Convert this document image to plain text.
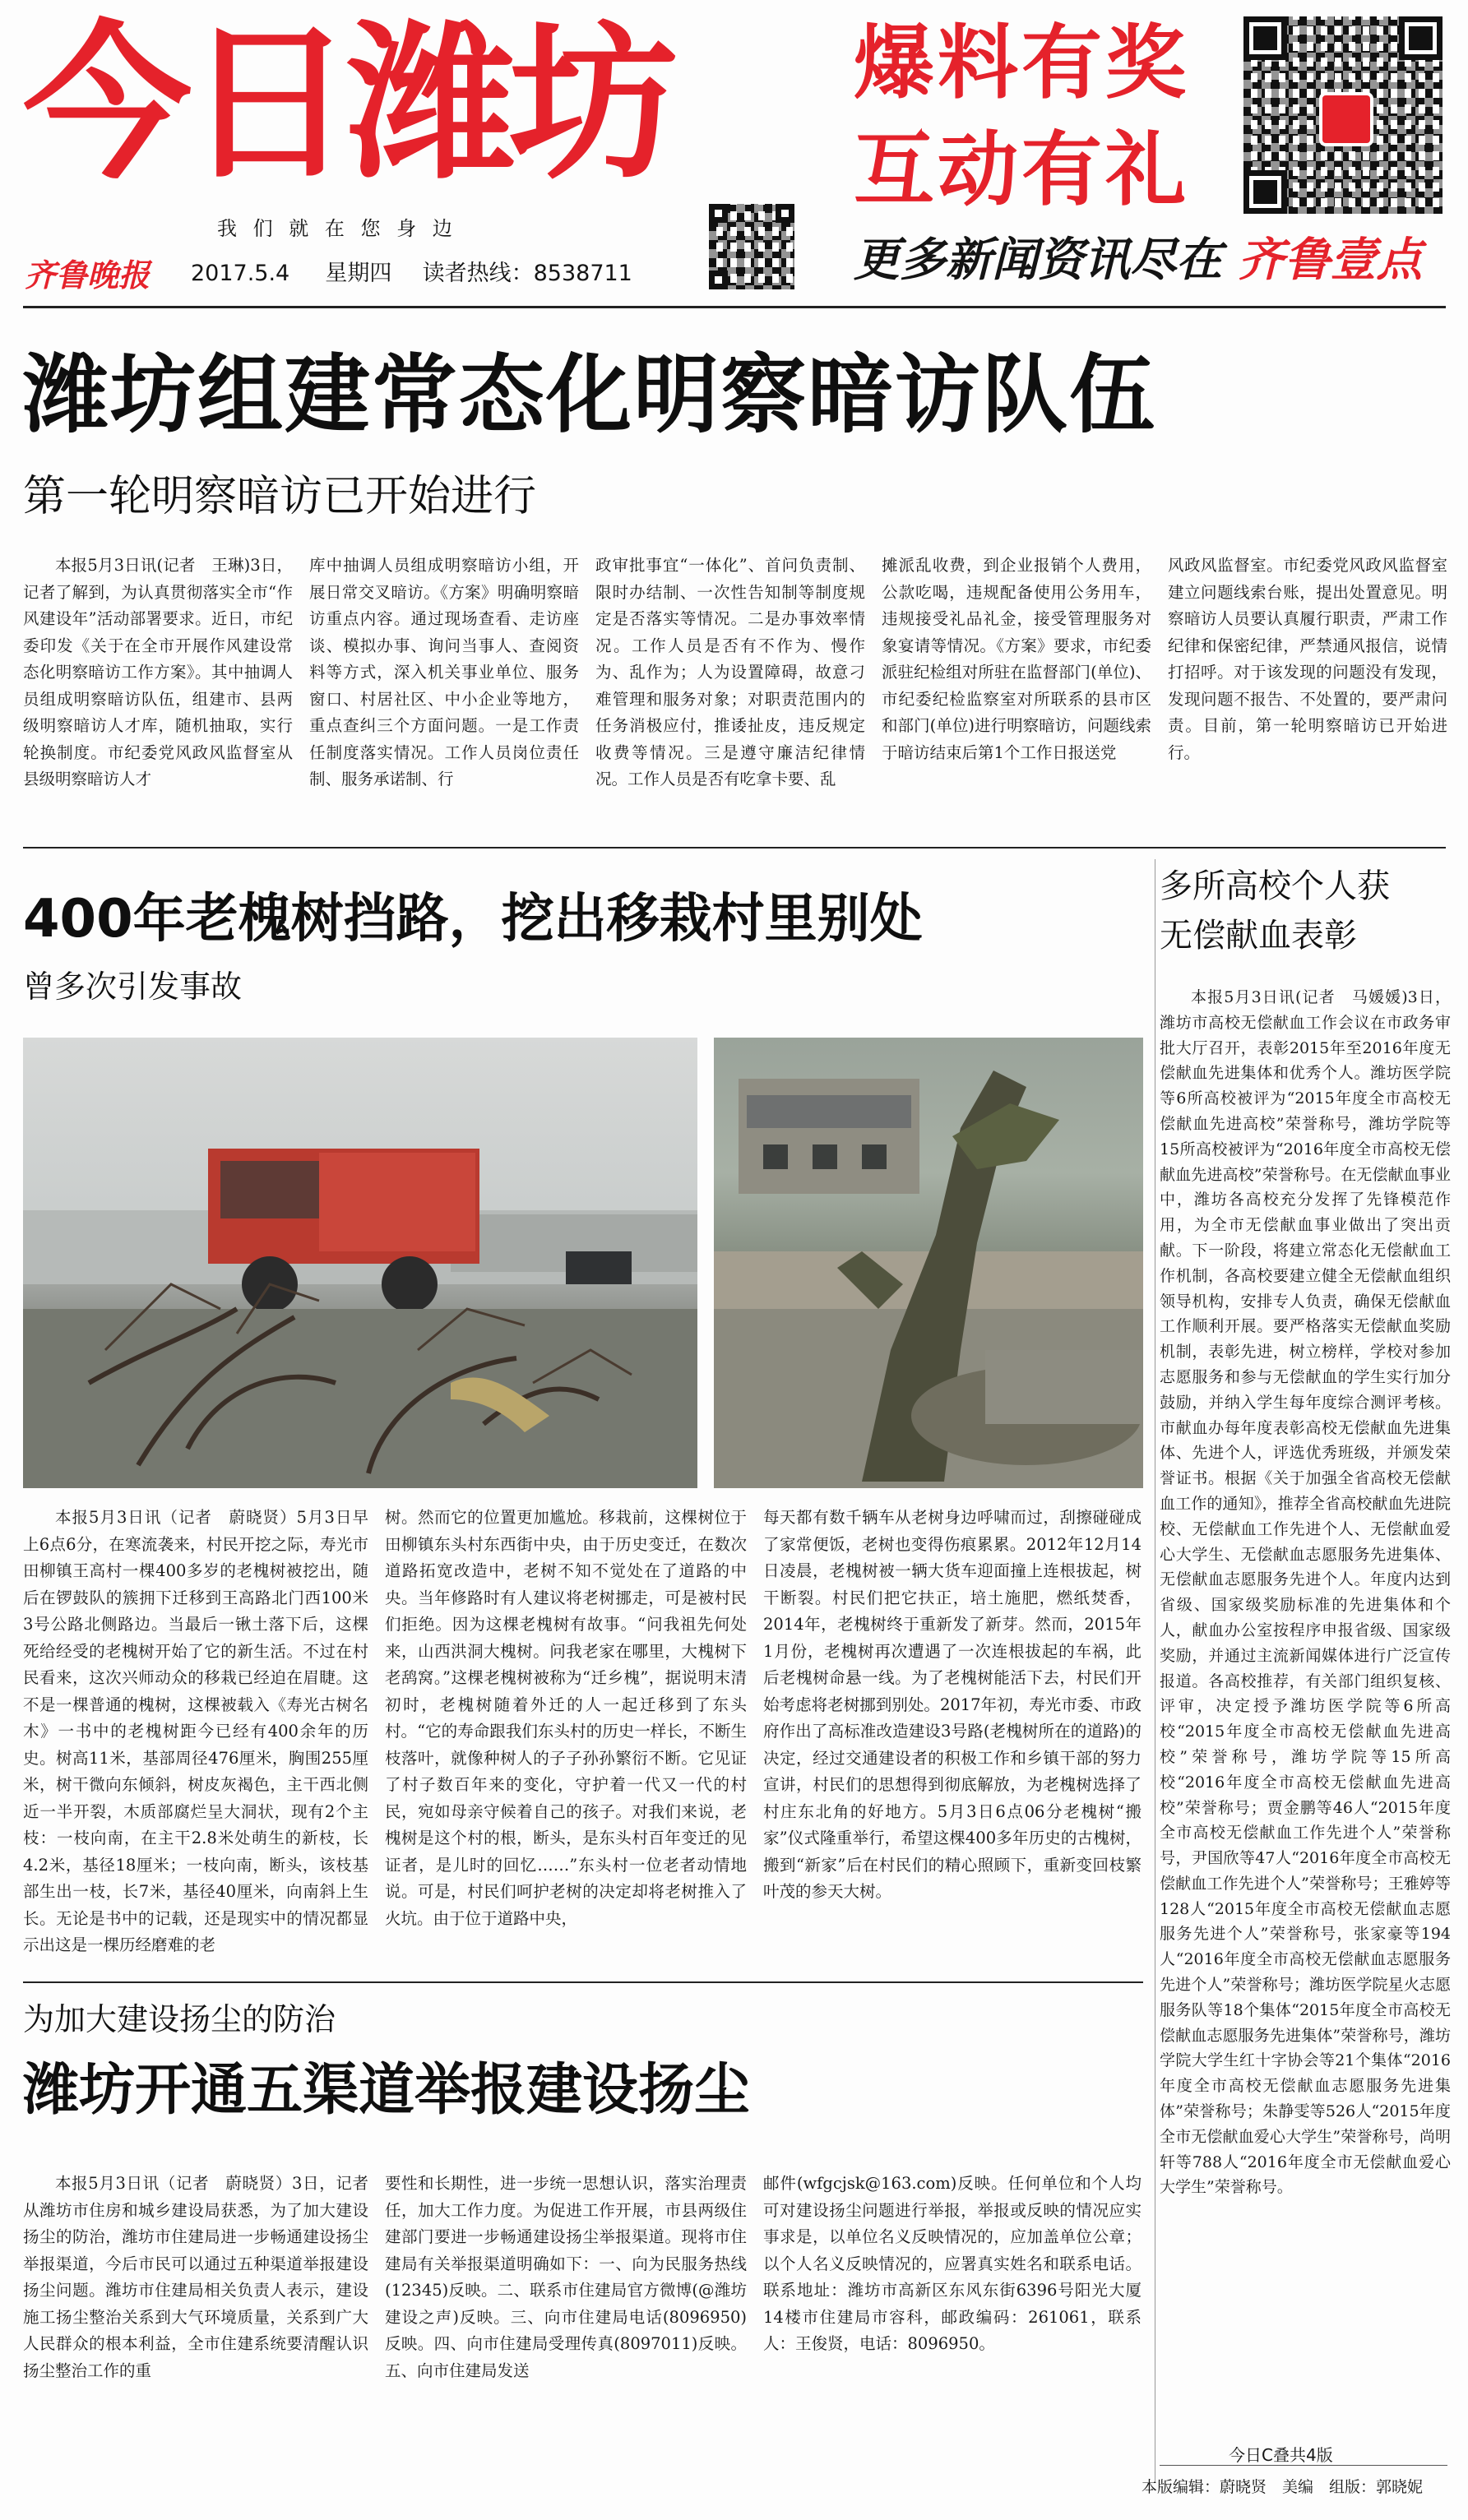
今日潍坊
我 们 就 在 您 身 边
齐鲁晚报 2017.5.4 星期四 读者热线：8538711
爆料有奖
互动有礼
更多新闻资讯尽在 齐鲁壹点
潍坊组建常态化明察暗访队伍
第一轮明察暗访已开始进行

本报5月3日讯(记者　王琳)3日，记者了解到，为认真贯彻落实全市“作风建设年”活动部署要求。近日，市纪委印发《关于在全市开展作风建设常态化明察暗访工作方案》。其中抽调人员组成明察暗访队伍，组建市、县两级明察暗访人才库，随机抽取，实行轮换制度。市纪委党风政风监督室从县级明察暗访人才

库中抽调人员组成明察暗访小组，开展日常交叉暗访。《方案》明确明察暗访重点内容。通过现场查看、走访座谈、模拟办事、询问当事人、查阅资料等方式，深入机关事业单位、服务窗口、村居社区、中小企业等地方，重点查纠三个方面问题。一是工作责任制度落实情况。工作人员岗位责任制、服务承诺制、行

政审批事宜“一体化”、首问负责制、限时办结制、一次性告知制等制度规定是否落实等情况。二是办事效率情况。工作人员是否有不作为、慢作为、乱作为；人为设置障碍，故意刁难管理和服务对象；对职责范围内的任务消极应付，推诿扯皮，违反规定收费等情况。三是遵守廉洁纪律情况。工作人员是否有吃拿卡要、乱

摊派乱收费，到企业报销个人费用，公款吃喝，违规配备使用公务用车，违规接受礼品礼金，接受管理服务对象宴请等情况。《方案》要求，市纪委派驻纪检组对所驻在监督部门(单位)、市纪委纪检监察室对所联系的县市区和部门(单位)进行明察暗访，问题线索于暗访结束后第1个工作日报送党

风政风监督室。市纪委党风政风监督室建立问题线索台账，提出处置意见。明察暗访人员要认真履行职责，严肃工作纪律和保密纪律，严禁通风报信，说情打招呼。对于该发现的问题没有发现，发现问题不报告、不处置的，要严肃问责。目前，第一轮明察暗访已开始进行。

400年老槐树挡路，挖出移栽村里别处
曾多次引发事故

本报5月3日讯（记者　蔚晓贤）5月3日早上6点6分，在寒流袭来，村民开挖之际，寿光市田柳镇王高村一棵400多岁的老槐树被挖出，随后在锣鼓队的簇拥下迁移到王高路北门西100米3号公路北侧路边。当最后一锹土落下后，这棵死给经受的老槐树开始了它的新生活。不过在村民看来，这次兴师动众的移栽已经迫在眉睫。这不是一棵普通的槐树，这棵被载入《寿光古树名木》一书中的老槐树距今已经有400余年的历史。树高11米，基部周径476厘米，胸围255厘米，树干微向东倾斜，树皮灰褐色，主干西北侧近一半开裂，木质部腐烂呈大洞状，现有2个主枝：一枝向南，在主干2.8米处萌生的新枝，长4.2米，基径18厘米；一枝向南，断头，该枝基部生出一枝，长7米，基径40厘米，向南斜上生长。无论是书中的记载，还是现实中的情况都显示出这是一棵历经磨难的老

树。然而它的位置更加尴尬。移栽前，这棵树位于田柳镇东头村东西街中央，由于历史变迁，在数次道路拓宽改造中，老树不知不觉处在了道路的中央。当年修路时有人建议将老树挪走，可是被村民们拒绝。因为这棵老槐树有故事。“问我祖先何处来，山西洪洞大槐树。问我老家在哪里，大槐树下老鸹窝。”这棵老槐树被称为“迁乡槐”，据说明末清初时，老槐树随着外迁的人一起迁移到了东头村。“它的寿命跟我们东头村的历史一样长，不断生枝落叶，就像种树人的子子孙孙繁衍不断。它见证了村子数百年来的变化，守护着一代又一代的村民，宛如母亲守候着自己的孩子。对我们来说，老槐树是这个村的根，断头，是东头村百年变迁的见证者，是儿时的回忆……”东头村一位老者动情地说。可是，村民们呵护老树的决定却将老树推入了火坑。由于位于道路中央，

每天都有数千辆车从老树身边呼啸而过，刮擦碰碰成了家常便饭，老树也变得伤痕累累。2012年12月14日凌晨，老槐树被一辆大货车迎面撞上连根拔起，树干断裂。村民们把它扶正，培土施肥，燃纸焚香，2014年，老槐树终于重新发了新芽。然而，2015年1月份，老槐树再次遭遇了一次连根拔起的车祸，此后老槐树命悬一线。为了老槐树能活下去，村民们开始考虑将老树挪到别处。2017年初，寿光市委、市政府作出了高标准改造建设3号路(老槐树所在的道路)的决定，经过交通建设者的积极工作和乡镇干部的努力宣讲，村民们的思想得到彻底解放，为老槐树选择了村庄东北角的好地方。5月3日6点06分老槐树“搬家”仪式隆重举行，希望这棵400多年历史的古槐树，搬到“新家”后在村民们的精心照顾下，重新变回枝繁叶茂的参天大树。

多所高校个人获
无偿献血表彰

本报5月3日讯(记者　马媛媛)3日，潍坊市高校无偿献血工作会议在市政务审批大厅召开，表彰2015年至2016年度无偿献血先进集体和优秀个人。潍坊医学院等6所高校被评为“2015年度全市高校无偿献血先进高校”荣誉称号，潍坊学院等15所高校被评为“2016年度全市高校无偿献血先进高校”荣誉称号。在无偿献血事业中，潍坊各高校充分发挥了先锋模范作用，为全市无偿献血事业做出了突出贡献。下一阶段，将建立常态化无偿献血工作机制，各高校要建立健全无偿献血组织领导机构，安排专人负责，确保无偿献血工作顺利开展。要严格落实无偿献血奖励机制，表彰先进，树立榜样，学校对参加志愿服务和参与无偿献血的学生实行加分鼓励，并纳入学生每年度综合测评考核。市献血办每年度表彰高校无偿献血先进集体、先进个人，评选优秀班级，并颁发荣誉证书。根据《关于加强全省高校无偿献血工作的通知》，推荐全省高校献血先进院校、无偿献血工作先进个人、无偿献血爱心大学生、无偿献血志愿服务先进集体、无偿献血志愿服务先进个人。年度内达到省级、国家级奖励标准的先进集体和个人，献血办公室按程序申报省级、国家级奖励，并通过主流新闻媒体进行广泛宣传报道。各高校推荐，有关部门组织复核、评审，决定授予潍坊医学院等6所高校“2015年度全市高校无偿献血先进高校”荣誉称号，潍坊学院等15所高校“2016年度全市高校无偿献血先进高校”荣誉称号；贾金鹏等46人“2015年度全市高校无偿献血工作先进个人”荣誉称号，尹国欣等47人“2016年度全市高校无偿献血工作先进个人”荣誉称号；王雅婷等128人“2015年度全市高校无偿献血志愿服务先进个人”荣誉称号，张家豪等194人“2016年度全市高校无偿献血志愿服务先进个人”荣誉称号；潍坊医学院星火志愿服务队等18个集体“2015年度全市高校无偿献血志愿服务先进集体”荣誉称号，潍坊学院大学生红十字协会等21个集体“2016年度全市高校无偿献血志愿服务先进集体”荣誉称号；朱静雯等526人“2015年度全市无偿献血爱心大学生”荣誉称号，尚明轩等788人“2016年度全市无偿献血爱心大学生”荣誉称号。

为加大建设扬尘的防治
潍坊开通五渠道举报建设扬尘

本报5月3日讯（记者　蔚晓贤）3日，记者从潍坊市住房和城乡建设局获悉，为了加大建设扬尘的防治，潍坊市住建局进一步畅通建设扬尘举报渠道，今后市民可以通过五种渠道举报建设扬尘问题。潍坊市住建局相关负责人表示，建设施工扬尘整治关系到大气环境质量，关系到广大人民群众的根本利益，全市住建系统要清醒认识扬尘整治工作的重

要性和长期性，进一步统一思想认识，落实治理责任，加大工作力度。为促进工作开展，市县两级住建部门要进一步畅通建设扬尘举报渠道。现将市住建局有关举报渠道明确如下：一、向为民服务热线(12345)反映。二、联系市住建局官方微博(@潍坊建设之声)反映。三、向市住建局电话(8096950)反映。四、向市住建局受理传真(8097011)反映。五、向市住建局发送

邮件(wfgcjsk@163.com)反映。任何单位和个人均可对建设扬尘问题进行举报，举报或反映的情况应实事求是，以单位名义反映情况的，应加盖单位公章；以个人名义反映情况的，应署真实姓名和联系电话。联系地址：潍坊市高新区东风东街6396号阳光大厦14楼市住建局市容科，邮政编码：261061，联系人：王俊贤，电话：8096950。

今日C叠共4版
本版编辑：蔚晓贤　美编　组版：郭晓妮
